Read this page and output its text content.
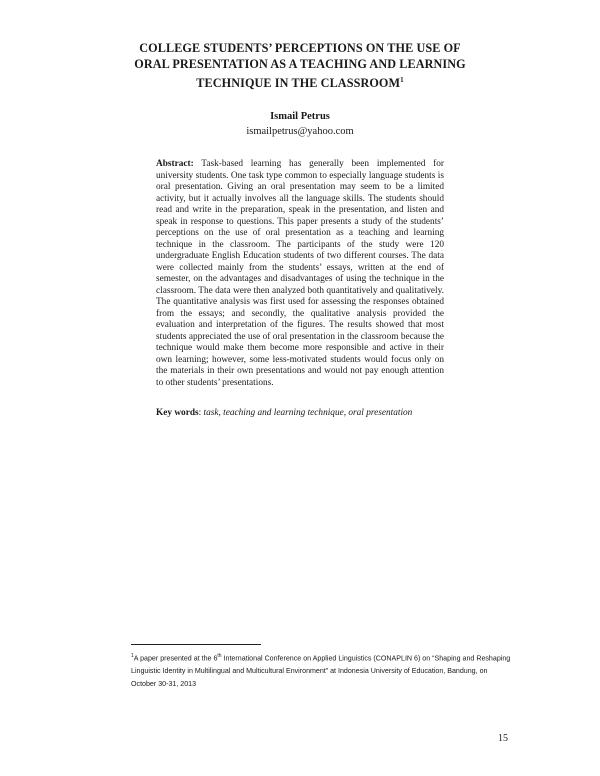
COLLEGE STUDENTS’ PERCEPTIONS ON THE USE OF ORAL PRESENTATION AS A TEACHING AND LEARNING TECHNIQUE IN THE CLASSROOM$^1$
Ismail Petrus
ismailpetrus@yahoo.com
Abstract: Task-based learning has generally been implemented for university students. One task type common to especially language students is oral presentation. Giving an oral presentation may seem to be a limited activity, but it actually involves all the language skills. The students should read and write in the preparation, speak in the presentation, and listen and speak in response to questions. This paper presents a study of the students’ perceptions on the use of oral presentation as a teaching and learning technique in the classroom. The participants of the study were 120 undergraduate English Education students of two different courses. The data were collected mainly from the students’ essays, written at the end of semester, on the advantages and disadvantages of using the technique in the classroom. The data were then analyzed both quantitatively and qualitatively. The quantitative analysis was first used for assessing the responses obtained from the essays; and secondly, the qualitative analysis provided the evaluation and interpretation of the figures. The results showed that most students appreciated the use of oral presentation in the classroom because the technique would make them become more responsible and active in their own learning; however, some less-motivated students would focus only on the materials in their own presentations and would not pay enough attention to other students’ presentations.
Key words: task, teaching and learning technique, oral presentation
$^1$A paper presented at the 6th International Conference on Applied Linguistics (CONAPLIN 6) on “Shaping and Reshaping Linguistic Identity in Multilingual and Multicultural Environment” at Indonesia University of Education, Bandung, on October 30-31, 2013
15
